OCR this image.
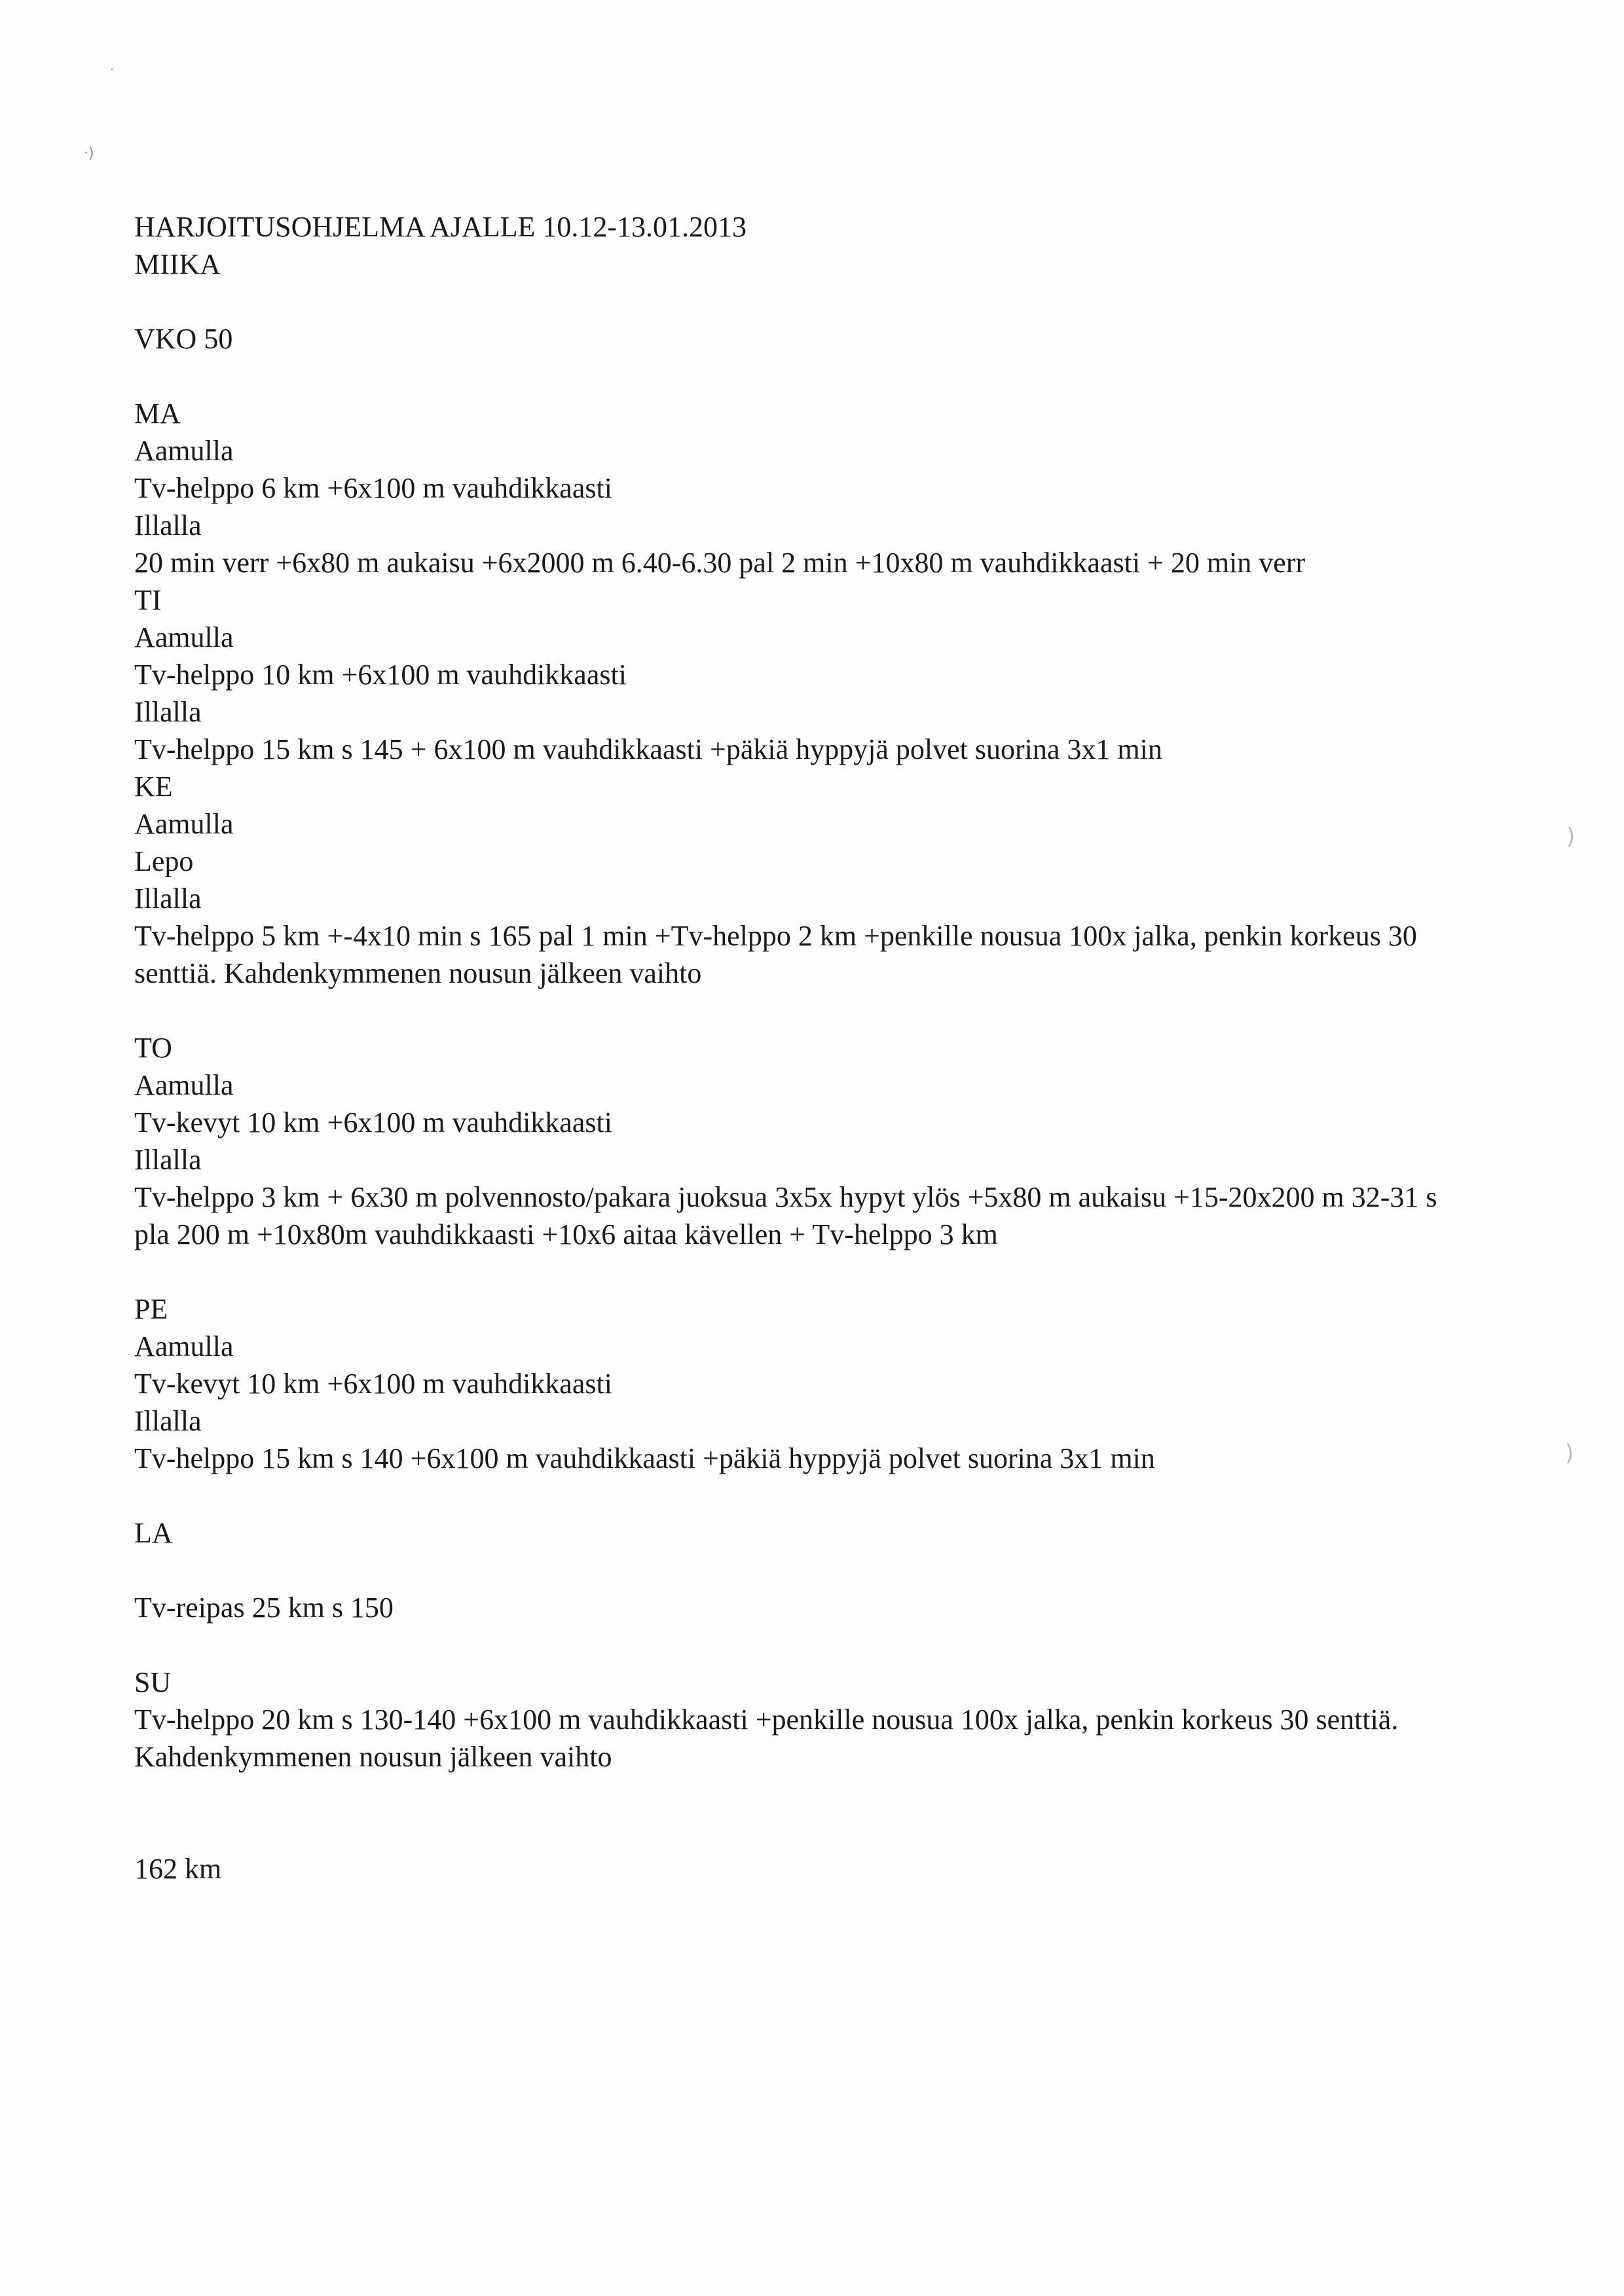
·
·)
)
)
HARJOITUSOHJELMA AJALLE 10.12-13.01.2013
MIIKA
VKO 50
MA
Aamulla
Tv-helppo 6 km +6x100 m vauhdikkaasti
Illalla
20 min verr +6x80 m aukaisu +6x2000 m 6.40-6.30 pal 2 min +10x80 m vauhdikkaasti + 20 min verr
TI
Aamulla
Tv-helppo 10 km +6x100 m vauhdikkaasti
Illalla
Tv-helppo 15 km s 145 + 6x100 m vauhdikkaasti +päkiä hyppyjä polvet suorina 3x1 min
KE
Aamulla
Lepo
Illalla
Tv-helppo 5 km +-4x10 min s 165 pal 1 min +Tv-helppo 2 km +penkille nousua 100x jalka, penkin korkeus 30 senttiä. Kahdenkymmenen nousun jälkeen vaihto
TO
Aamulla
Tv-kevyt 10 km +6x100 m vauhdikkaasti
Illalla
Tv-helppo 3 km + 6x30 m polvennosto/pakara juoksua 3x5x hypyt ylös +5x80 m aukaisu +15-20x200 m 32-31 s pla 200 m +10x80m vauhdikkaasti +10x6 aitaa kävellen + Tv-helppo 3 km
PE
Aamulla
Tv-kevyt 10 km +6x100 m vauhdikkaasti
Illalla
Tv-helppo 15 km s 140 +6x100 m vauhdikkaasti +päkiä hyppyjä polvet suorina 3x1 min
LA
Tv-reipas 25 km s 150
SU
Tv-helppo 20 km s 130-140 +6x100 m vauhdikkaasti +penkille nousua 100x jalka, penkin korkeus 30 senttiä. Kahdenkymmenen nousun jälkeen vaihto
162 km
